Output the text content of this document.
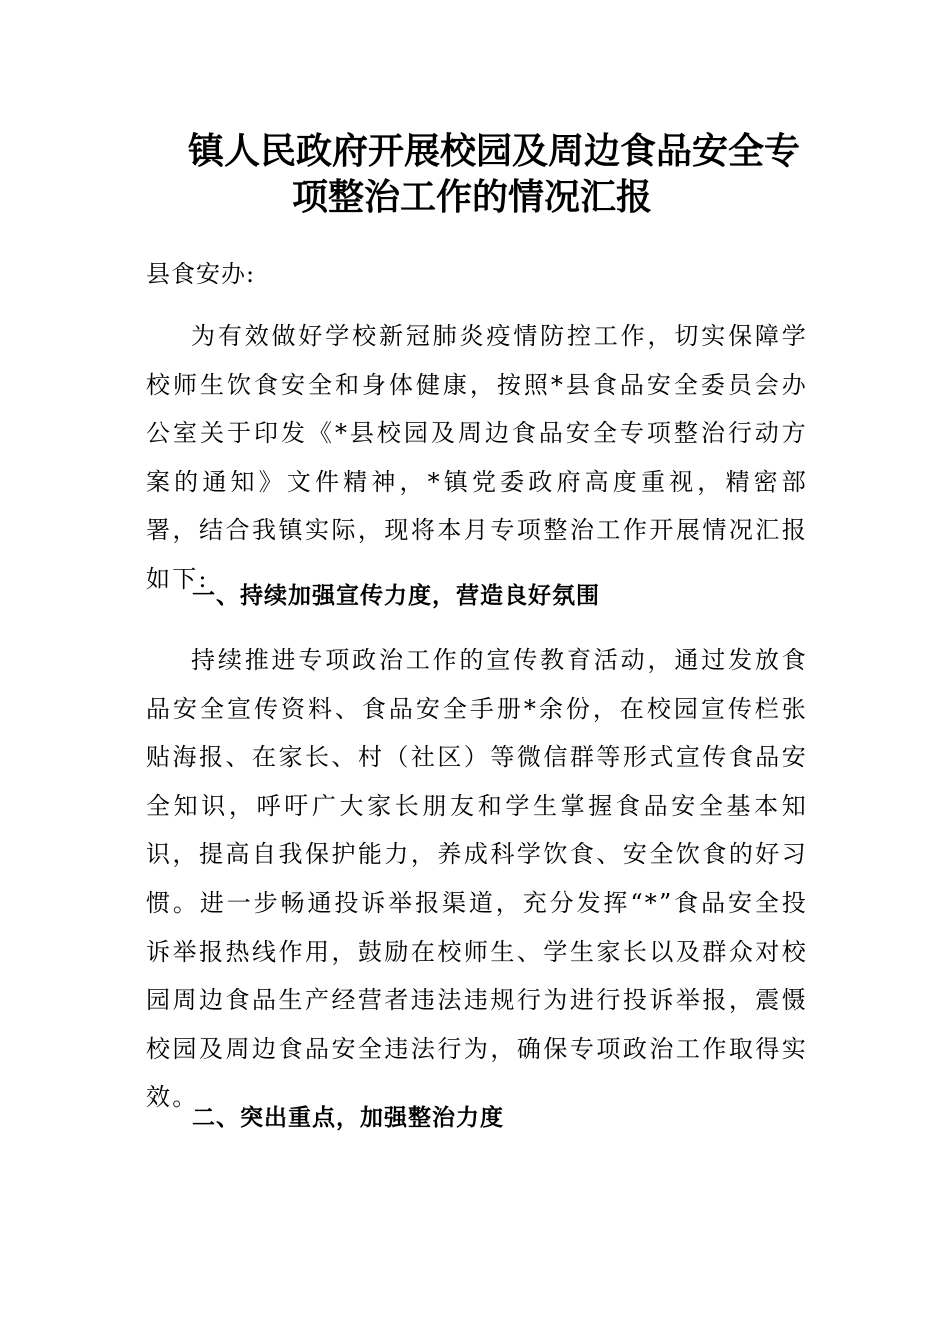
镇人民政府开展校园及周边食品安全专
项整治工作的情况汇报
县食安办:

为有效做好学校新冠肺炎疫情防控工作，切实保障学校师生饮食安全和身体健康，按照*县食品安全委员会办公室关于印发《*县校园及周边食品安全专项整治行动方案的通知》文件精神，*镇党委政府高度重视，精密部署，结合我镇实际，现将本月专项整治工作开展情况汇报如下:

一、持续加强宣传力度，营造良好氛围

持续推进专项政治工作的宣传教育活动，通过发放食品安全宣传资料、食品安全手册*余份，在校园宣传栏张贴海报、在家长、村（社区）等微信群等形式宣传食品安全知识，呼吁广大家长朋友和学生掌握食品安全基本知识，提高自我保护能力，养成科学饮食、安全饮食的好习惯。进一步畅通投诉举报渠道，充分发挥“*”食品安全投诉举报热线作用，鼓励在校师生、学生家长以及群众对校园周边食品生产经营者违法违规行为进行投诉举报，震慑校园及周边食品安全违法行为，确保专项政治工作取得实效。

二、突出重点，加强整治力度
